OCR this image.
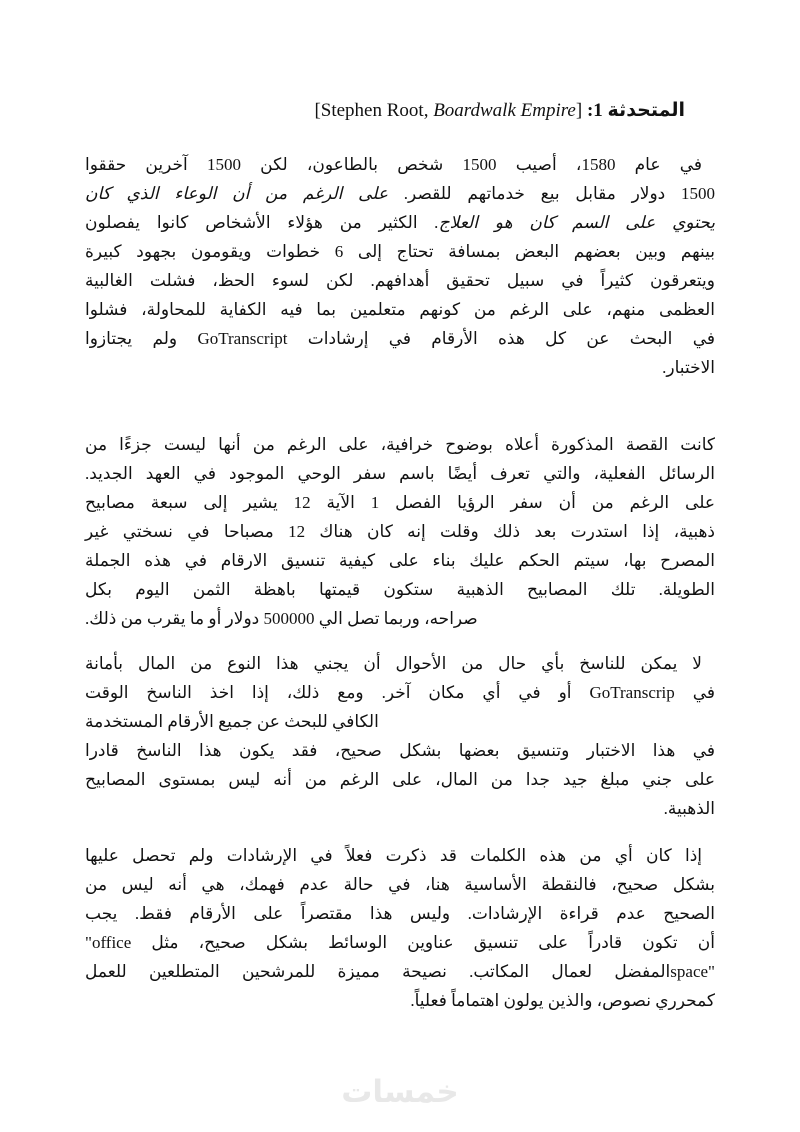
المتحدثة 1: [Stephen Root, Boardwalk Empire]
في عام 1580، أصيب 1500 شخص بالطاعون، لكن 1500 آخرين حققوا
1500 دولار مقابل بيع خدماتهم للقصر. على الرغم من أن الوعاء الذي كان
يحتوي على السم كان هو العلاج. الكثير من هؤلاء الأشخاص كانوا يفصلون
بينهم وبين بعضهم البعض بمسافة تحتاج إلى 6 خطوات ويقومون بجهود كبيرة
ويتعرقون كثيراً في سبيل تحقيق أهدافهم. لكن لسوء الحظ، فشلت الغالبية
العظمى منهم، على الرغم من كونهم متعلمين بما فيه الكفاية للمحاولة، فشلوا
في البحث عن كل هذه الأرقام في إرشادات GoTranscript ولم يجتازوا
الاختبار.
كانت القصة المذكورة أعلاه بوضوح خرافية، على الرغم من أنها ليست جزءًا من
الرسائل الفعلية، والتي تعرف أيضًا باسم سفر الوحي الموجود في العهد الجديد.
على الرغم من أن سفر الرؤيا الفصل 1 الآية 12 يشير إلى سبعة مصابيح
ذهبية، إذا استدرت بعد ذلك وقلت إنه كان هناك 12 مصباحا في نسختي غير
المصرح بها، سيتم الحكم عليك بناء على كيفية تنسيق الارقام في هذه الجملة
الطويلة. تلك المصابيح الذهبية ستكون قيمتها باهظة الثمن اليوم بكل
صراحه، وربما تصل الي 500000 دولار أو ما يقرب من ذلك.
لا يمكن للناسخ بأي حال من الأحوال أن يجني هذا النوع من المال بأمانة
في GoTranscrip أو في أي مكان آخر. ومع ذلك، إذا اخذ الناسخ الوقت
الكافي للبحث عن جميع الأرقام المستخدمة
في هذا الاختبار وتنسيق بعضها بشكل صحيح، فقد يكون هذا الناسخ قادرا
على جني مبلغ جيد جدا من المال، على الرغم من أنه ليس بمستوى المصابيح
الذهبية.
إذا كان أي من هذه الكلمات قد ذكرت فعلاً في الإرشادات ولم تحصل عليها
بشكل صحيح، فالنقطة الأساسية هنا، في حالة عدم فهمك، هي أنه ليس من
الصحيح عدم قراءة الإرشادات. وليس هذا مقتصراً على الأرقام فقط. يجب
أن تكون قادراً على تنسيق عناوين الوسائط بشكل صحيح، مثل "office
space"المفضل لعمال المكاتب. نصيحة مميزة للمرشحين المتطلعين للعمل
كمحرري نصوص، والذين يولون اهتماماً فعلياً.
خمسات
